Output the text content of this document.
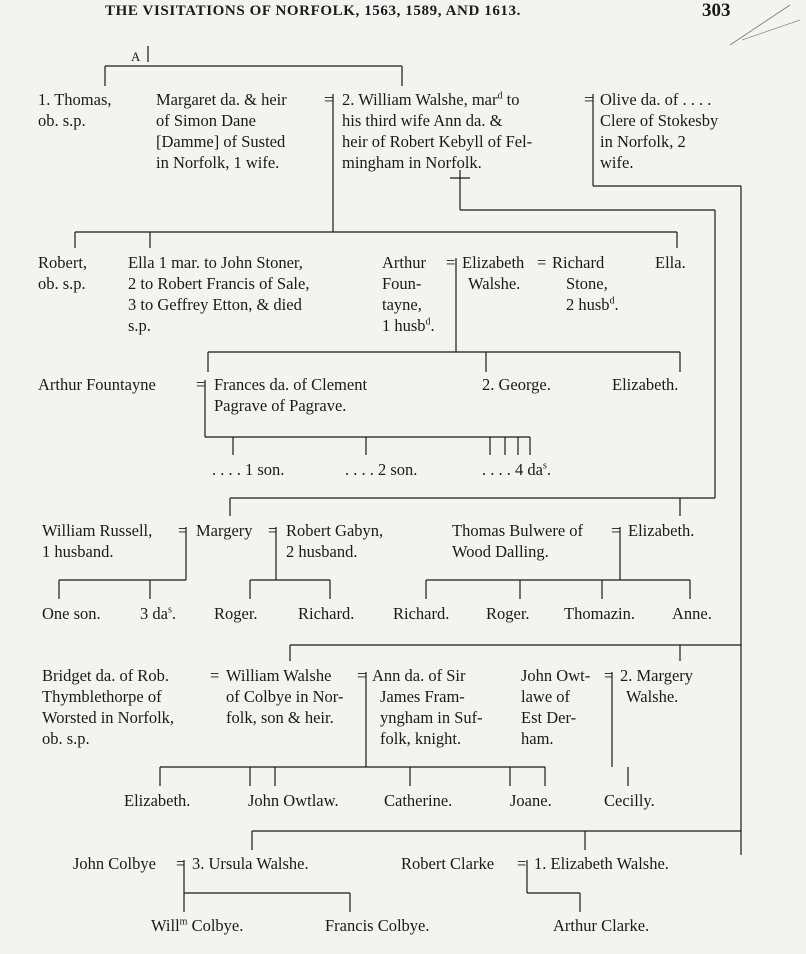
THE VISITATIONS OF NORFOLK, 1563, 1589, AND 1613.	303
A
1. Thomas,
ob. s.p.
Margaret da. & heir
of Simon Dane
[Damme] of Susted
in Norfolk, 1 wife.
= 2. William Walshe, mar$^d$ to
his third wife Ann da. &
heir of Robert Kebyll of Fel-
mingham in Norfolk.
= Olive da. of . . . .
Clere of Stokesby
in Norfolk, 2
wife.
Robert,
ob. s.p.
Ella 1 mar. to John Stoner,
2 to Robert Francis of Sale,
3 to Geffrey Etton, & died
s.p.
Arthur
Foun-
tayne,
1 husb$^d$.
= Elizabeth
Walshe.
= Richard
Stone,
2 husb$^d$.
Ella.
Arthur Fountayne = Frances da. of Clement
Pagrave of Pagrave.
2. George.	Elizabeth.
. . . . 1 son.	. . . . 2 son.	. . . . 4 $da^s$.
William Russell,
1 husband.
= Margery = Robert Gabyn,
2 husband.
Thomas Bulwere of
Wood Dalling.
= Elizabeth.
One son. 3 $da^s$. Roger. Richard. Richard. Roger. Thomazin. Anne.
Bridget da. of Rob.
Thymblethorpe of
Worsted in Norfolk,
ob. s.p.
= William Walshe
of Colbye in Nor-
folk, son & heir.
= Ann da. of Sir
James Fram-
yngham in Suf-
folk, knight.
John Owt-
lawe of
Est Der-
ham.
= 2. Margery
Walshe.
Elizabeth.	John Owtlaw.	Catherine.	Joane.	Cecilly.
John Colbye = 3. Ursula Walshe.	Robert Clarke = 1. Elizabeth Walshe.
Will$^m$ Colbye.	Francis Colbye.	Arthur Clarke.
